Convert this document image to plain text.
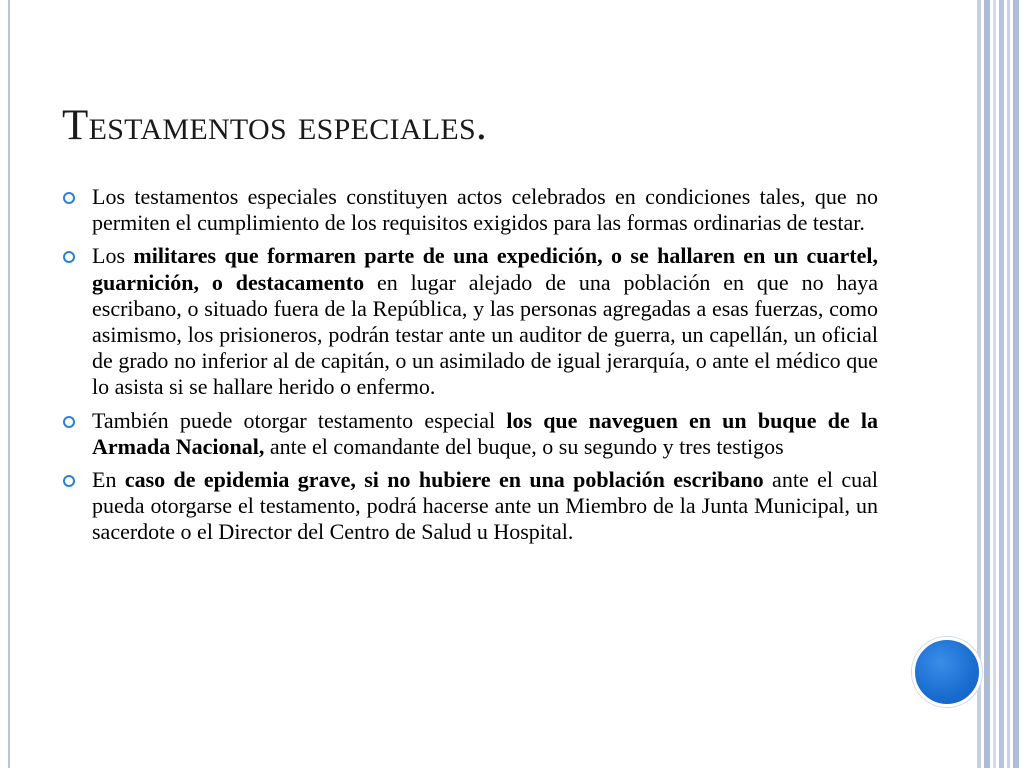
Testamentos especiales.
Los testamentos especiales constituyen actos celebrados en condiciones tales, que no permiten el cumplimiento de los requisitos exigidos para las formas ordinarias de testar.
Los militares que formaren parte de una expedición, o se hallaren en un cuartel, guarnición, o destacamento en lugar alejado de una población en que no haya escribano, o situado fuera de la República, y las personas agregadas a esas fuerzas, como asimismo, los prisioneros, podrán testar ante un auditor de guerra, un capellán, un oficial de grado no inferior al de capitán, o un asimilado de igual jerarquía, o ante el médico que lo asista si se hallare herido o enfermo.
También puede otorgar testamento especial los que naveguen en un buque de la Armada Nacional, ante el comandante del buque, o su segundo y tres testigos
En caso de epidemia grave, si no hubiere en una población escribano ante el cual pueda otorgarse el testamento, podrá hacerse ante un Miembro de la Junta Municipal, un sacerdote o el Director del Centro de Salud u Hospital.
